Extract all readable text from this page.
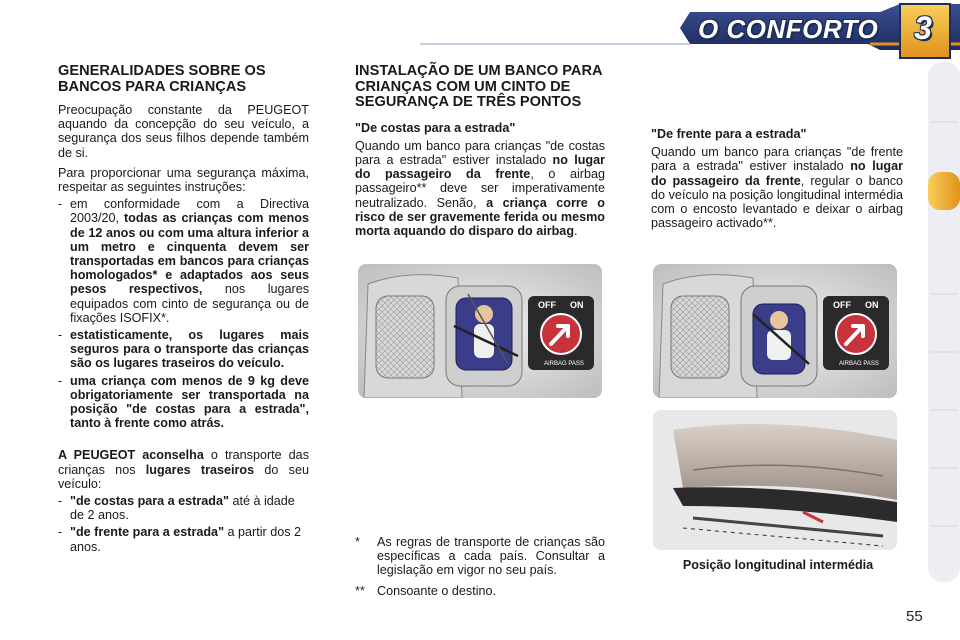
O CONFORTO	3
GENERALIDADES SOBRE OS BANCOS PARA CRIANÇAS

Preocupação constante da PEUGEOT aquando da concepção do seu veículo, a segurança dos seus filhos depende também de si.

Para proporcionar uma segurança máxima, respeitar as seguintes instruções:

- em conformidade com a Directiva 2003/20, todas as crianças com menos de 12 anos ou com uma altura inferior a um metro e cinquenta devem ser transportadas em bancos para crianças homologados* e adaptados aos seus pesos respectivos, nos lugares equipados com cinto de segurança ou de fixações ISOFIX*.
- estatisticamente, os lugares mais seguros para o transporte das crianças são os lugares traseiros do veículo.
- uma criança com menos de 9 kg deve obrigatoriamente ser transportada na posição "de costas para a estrada", tanto à frente como atrás.

A PEUGEOT aconselha o transporte das crianças nos lugares traseiros do seu veículo:

- "de costas para a estrada" até à idade de 2 anos.
- "de frente para a estrada" a partir dos 2 anos.
INSTALAÇÃO DE UM BANCO PARA CRIANÇAS COM UM CINTO DE SEGURANÇA DE TRÊS PONTOS

"De costas para a estrada"

Quando um banco para crianças "de costas para a estrada" estiver instalado no lugar do passageiro da frente, o airbag passageiro** deve ser imperativamente neutralizado. Senão, a criança corre o risco de ser gravemente ferida ou mesmo morta aquando do disparo do airbag.

"De frente para a estrada"

Quando um banco para crianças "de frente para a estrada" estiver instalado no lugar do passageiro da frente, regular o banco do veículo na posição longitudinal intermédia com o encosto levantado e deixar o airbag passageiro activado**.

OFF ON
AIRBAG PASS
OFF ON
AIRBAG PASS
Posição longitudinal intermédia
*	As regras de transporte de crianças são específicas a cada país. Consultar a legislação em vigor no seu país.
** Consoante o destino.
55
